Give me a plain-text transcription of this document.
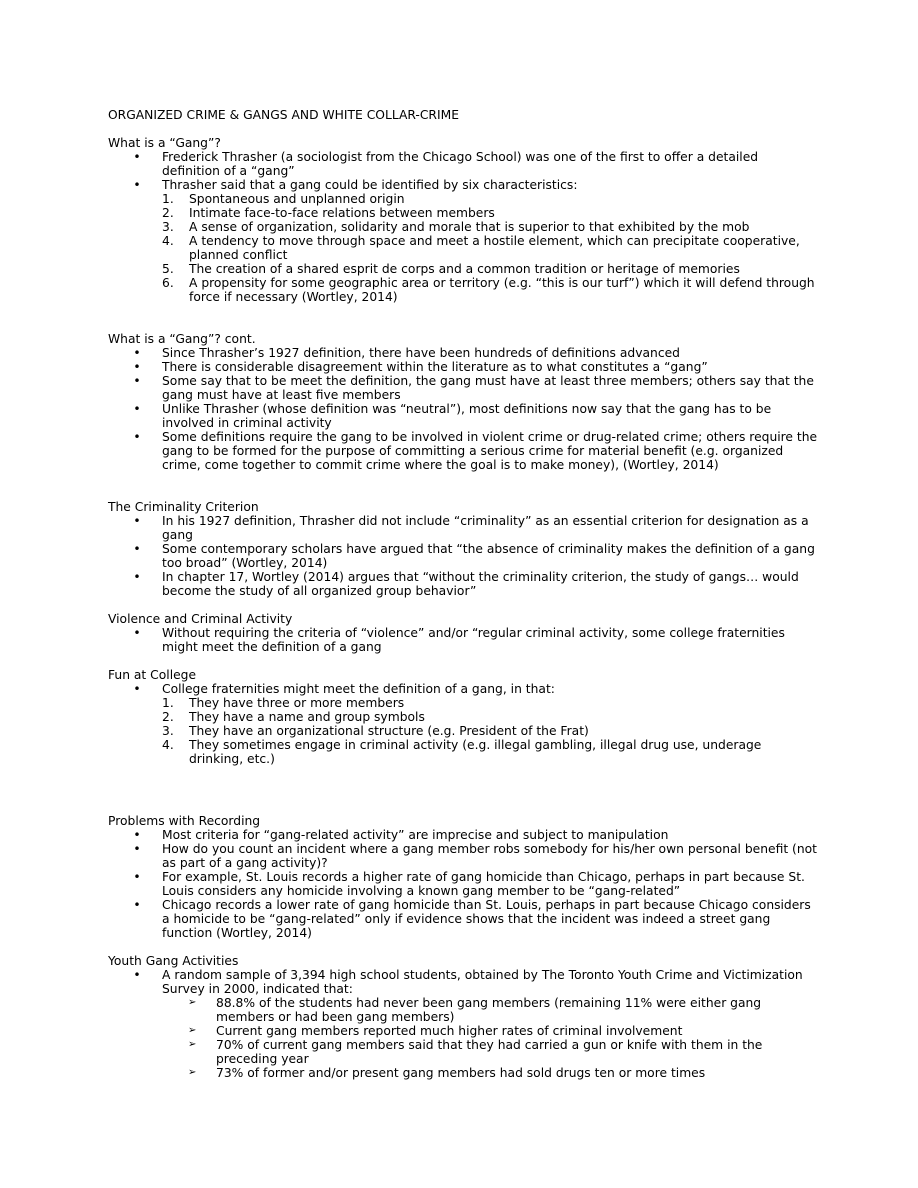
ORGANIZED CRIME & GANGS AND WHITE COLLAR-CRIME
What is a “Gang”?
• Frederick Thrasher (a sociologist from the Chicago School) was one of the first to offer a detailed definition of a “gang”
• Thrasher said that a gang could be identified by six characteristics:
1. Spontaneous and unplanned origin
2. Intimate face-to-face relations between members
3. A sense of organization, solidarity and morale that is superior to that exhibited by the mob
4. A tendency to move through space and meet a hostile element, which can precipitate cooperative, planned conflict
5. The creation of a shared esprit de corps and a common tradition or heritage of memories
6. A propensity for some geographic area or territory (e.g. “this is our turf”) which it will defend through force if necessary (Wortley, 2014)
What is a “Gang”? cont.
• Since Thrasher’s 1927 definition, there have been hundreds of definitions advanced
• There is considerable disagreement within the literature as to what constitutes a “gang”
• Some say that to be meet the definition, the gang must have at least three members; others say that the gang must have at least five members
• Unlike Thrasher (whose definition was “neutral”), most definitions now say that the gang has to be involved in criminal activity
• Some definitions require the gang to be involved in violent crime or drug-related crime; others require the gang to be formed for the purpose of committing a serious crime for material benefit (e.g. organized crime, come together to commit crime where the goal is to make money), (Wortley, 2014)
The Criminality Criterion
• In his 1927 definition, Thrasher did not include “criminality” as an essential criterion for designation as a gang
• Some contemporary scholars have argued that “the absence of criminality makes the definition of a gang too broad” (Wortley, 2014)
• In chapter 17, Wortley (2014) argues that “without the criminality criterion, the study of gangs… would become the study of all organized group behavior”
Violence and Criminal Activity
• Without requiring the criteria of “violence” and/or “regular criminal activity, some college fraternities might meet the definition of a gang
Fun at College
• College fraternities might meet the definition of a gang, in that:
1. They have three or more members
2. They have a name and group symbols
3. They have an organizational structure (e.g. President of the Frat)
4. They sometimes engage in criminal activity (e.g. illegal gambling, illegal drug use, underage drinking, etc.)
Problems with Recording
• Most criteria for “gang-related activity” are imprecise and subject to manipulation
• How do you count an incident where a gang member robs somebody for his/her own personal benefit (not as part of a gang activity)?
• For example, St. Louis records a higher rate of gang homicide than Chicago, perhaps in part because St. Louis considers any homicide involving a known gang member to be “gang-related”
• Chicago records a lower rate of gang homicide than St. Louis, perhaps in part because Chicago considers a homicide to be “gang-related” only if evidence shows that the incident was indeed a street gang function (Wortley, 2014)
Youth Gang Activities
• A random sample of 3,394 high school students, obtained by The Toronto Youth Crime and Victimization Survey in 2000, indicated that:
➢ 88.8% of the students had never been gang members (remaining 11% were either gang members or had been gang members)
➢ Current gang members reported much higher rates of criminal involvement
➢ 70% of current gang members said that they had carried a gun or knife with them in the preceding year
➢ 73% of former and/or present gang members had sold drugs ten or more times
